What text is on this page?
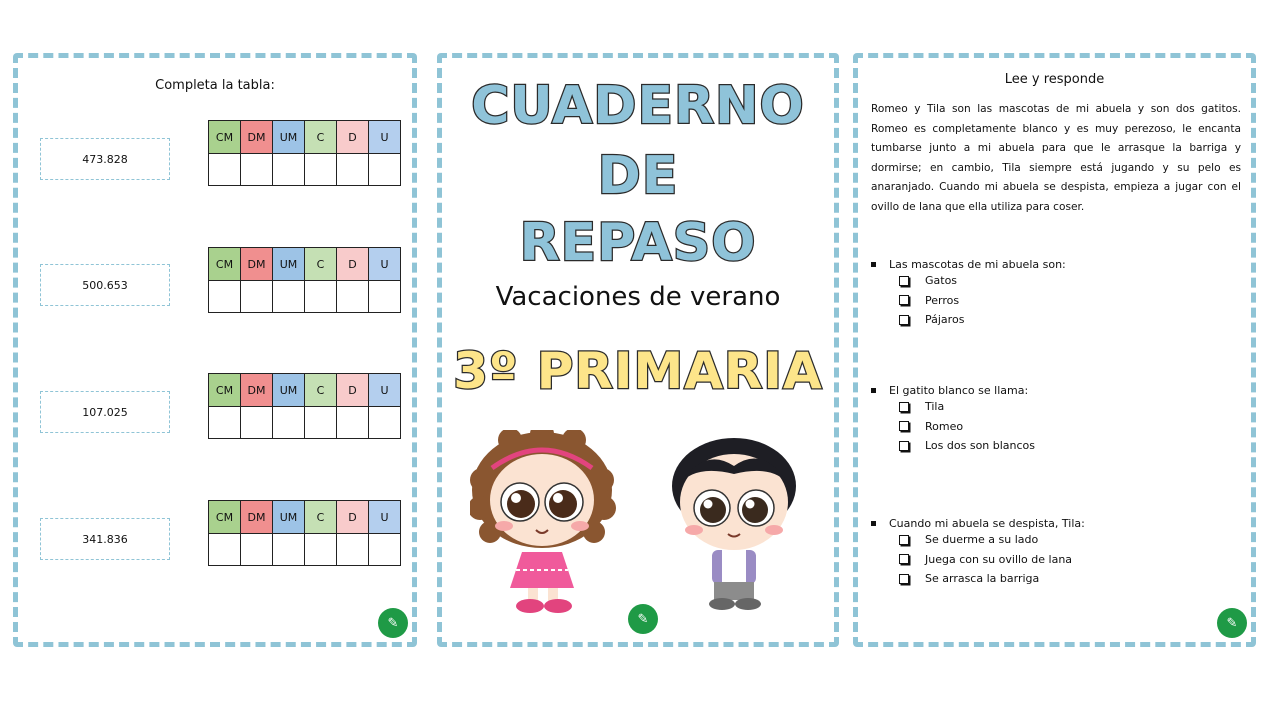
Completa la tabla:
473.828
CM	DM	UM	C	D	U

500.653
CM	DM	UM	C	D	U

107.025
CM	DM	UM	C	D	U

341.836
CM	DM	UM	C	D	U

✎
CUADERNO
DE
REPASO
Vacaciones de verano
3º PRIMARIA
✎
Lee y responde

Romeo y Tila son las mascotas de mi abuela y son dos gatitos. Romeo es completamente blanco y es muy perezoso, le encanta tumbarse junto a mi abuela para que le arrasque la barriga y dormirse; en cambio, Tila siempre está jugando y su pelo es anaranjado. Cuando mi abuela se despista, empieza a jugar con el ovillo de lana que ella utiliza para coser.

Las mascotas de mi abuela son:
Gatos
Perros
Pájaros
El gatito blanco se llama:
Tila
Romeo
Los dos son blancos
Cuando mi abuela se despista, Tila:
Se duerme a su lado
Juega con su ovillo de lana
Se arrasca la barriga
✎
